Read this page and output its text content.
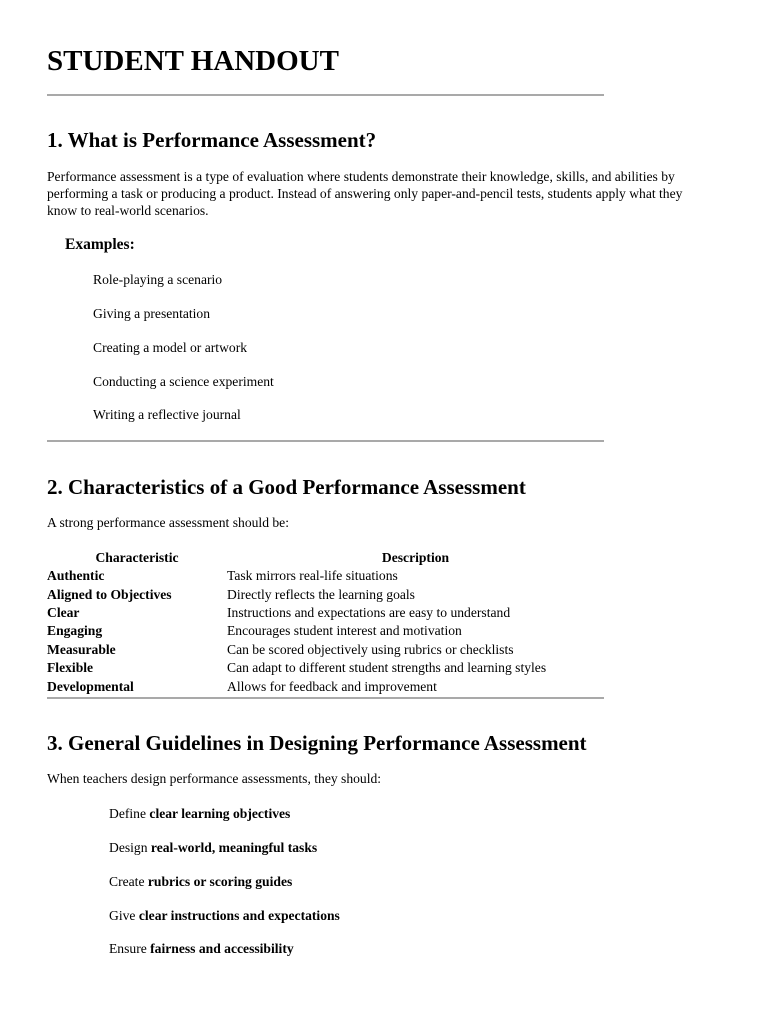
STUDENT HANDOUT
1. What is Performance Assessment?

Performance assessment is a type of evaluation where students demonstrate their knowledge, skills, and abilities by performing a task or producing a product. Instead of answering only paper-and-pencil tests, students apply what they know to real-world scenarios.

Examples:
Role-playing a scenario
Giving a presentation
Creating a model or artwork
Conducting a science experiment
Writing a reflective journal
2. Characteristics of a Good Performance Assessment

A strong performance assessment should be:

Characteristic	Description
Authentic	Task mirrors real-life situations
Aligned to Objectives	Directly reflects the learning goals
Clear	Instructions and expectations are easy to understand
Engaging	Encourages student interest and motivation
Measurable	Can be scored objectively using rubrics or checklists
Flexible	Can adapt to different student strengths and learning styles
Developmental	Allows for feedback and improvement
3. General Guidelines in Designing Performance Assessment

When teachers design performance assessments, they should:

Define clear learning objectives
Design real-world, meaningful tasks
Create rubrics or scoring guides
Give clear instructions and expectations
Ensure fairness and accessibility
